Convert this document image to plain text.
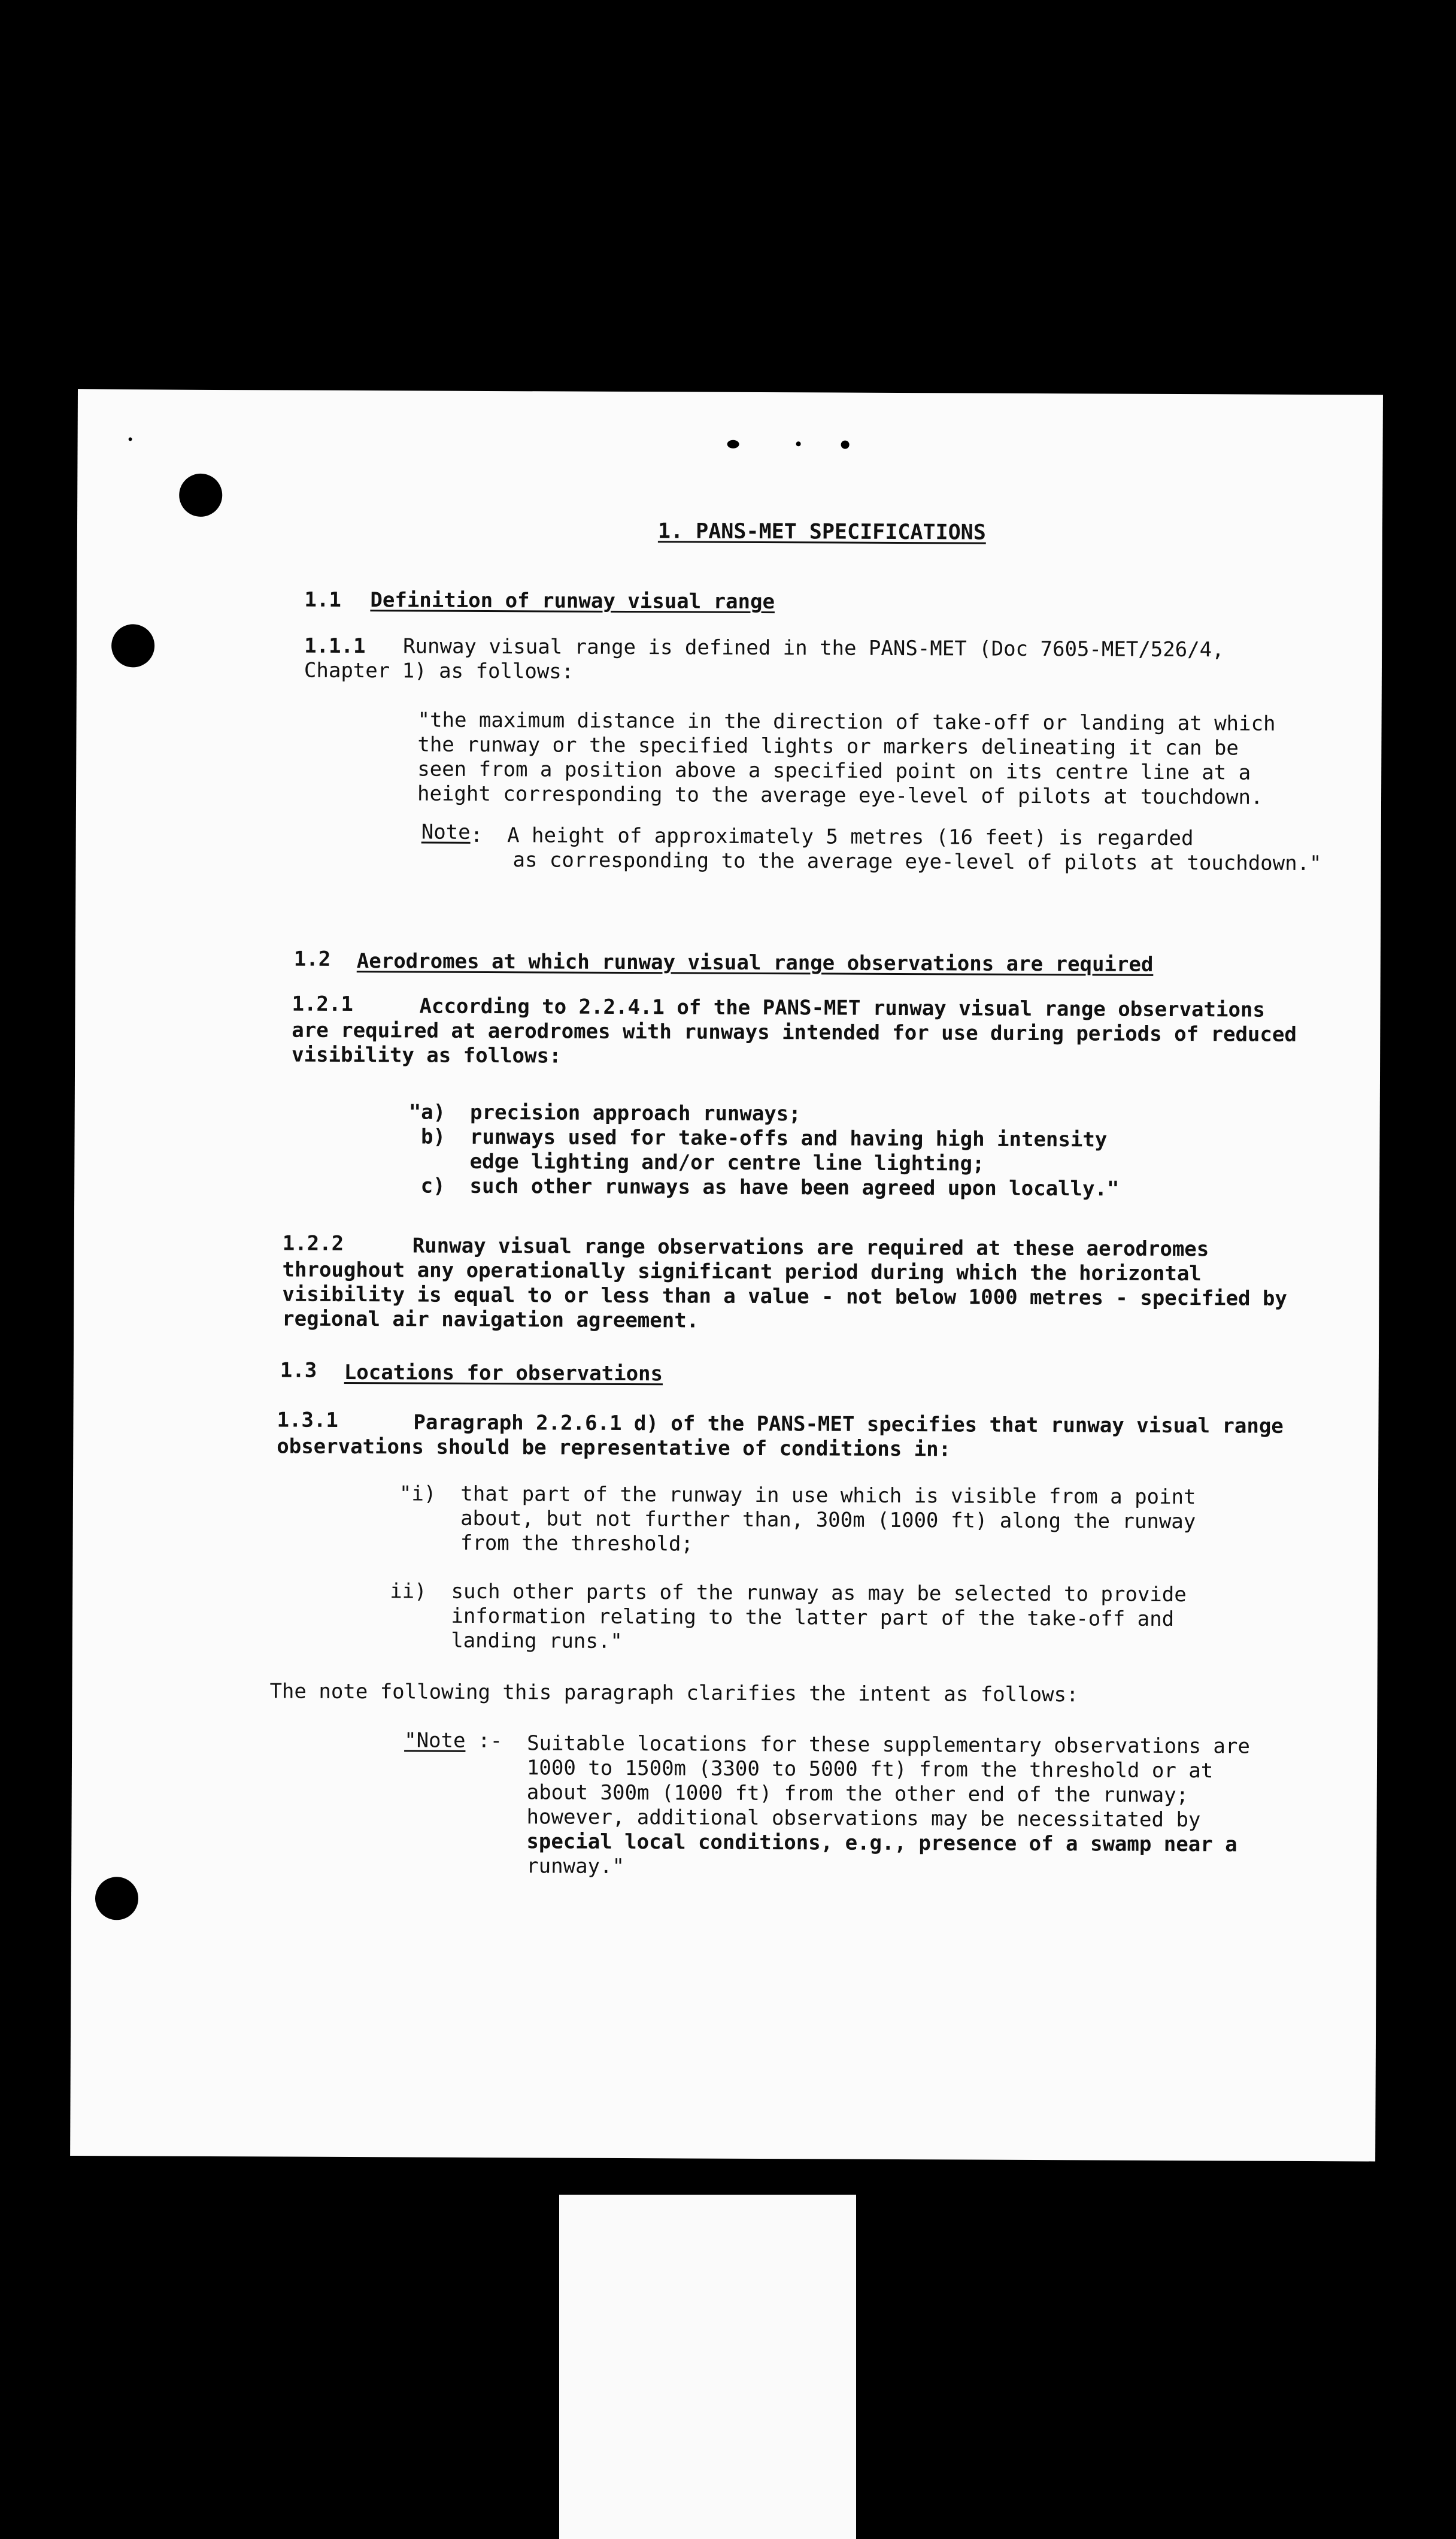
1. PANS-MET SPECIFICATIONS

1.1 Definition of runway visual range

1.1.1 Runway visual range is defined in the PANS-MET (Doc 7605-MET/526/4,

Chapter 1) as follows:

"the maximum distance in the direction of take-off or landing at which

the runway or the specified lights or markers delineating it can be

seen from a position above a specified point on its centre line at a

height corresponding to the average eye-level of pilots at touchdown.

Note :  A height of approximately 5 metres (16 feet) is regarded

as corresponding to the average eye-level of pilots at touchdown."

1.2 Aerodromes at which runway visual range observations are required

1.2.1	According to 2.2.4.1 of the PANS-MET runway visual range observations

are required at aerodromes with runways intended for use during periods of reduced

visibility as follows:

"a)  precision approach runways;

b)  runways used for take-offs and having high intensity

edge lighting and/or centre line lighting;

c)  such other runways as have been agreed upon locally."

1.2.2	Runway visual range observations are required at these aerodromes

throughout any operationally significant period during which the horizontal

visibility is equal to or less than a value - not below 1000 metres - specified by

regional air navigation agreement.

1.3 Locations for observations

1.3.1	Paragraph 2.2.6.1 d) of the PANS-MET specifies that runway visual range

observations should be representative of conditions in:

"i)  that part of the runway in use which is visible from a point

about, but not further than, 300m (1000 ft) along the runway

from the threshold;

ii)  such other parts of the runway as may be selected to provide

information relating to the latter part of the take-off and

landing runs."

The note following this paragraph clarifies the intent as follows:

"Note :- Suitable locations for these supplementary observations are

1000 to 1500m (3300 to 5000 ft) from the threshold or at

about 300m (1000 ft) from the other end of the runway;

however, additional observations may be necessitated by

special local conditions, e.g., presence of a swamp near a

runway."
